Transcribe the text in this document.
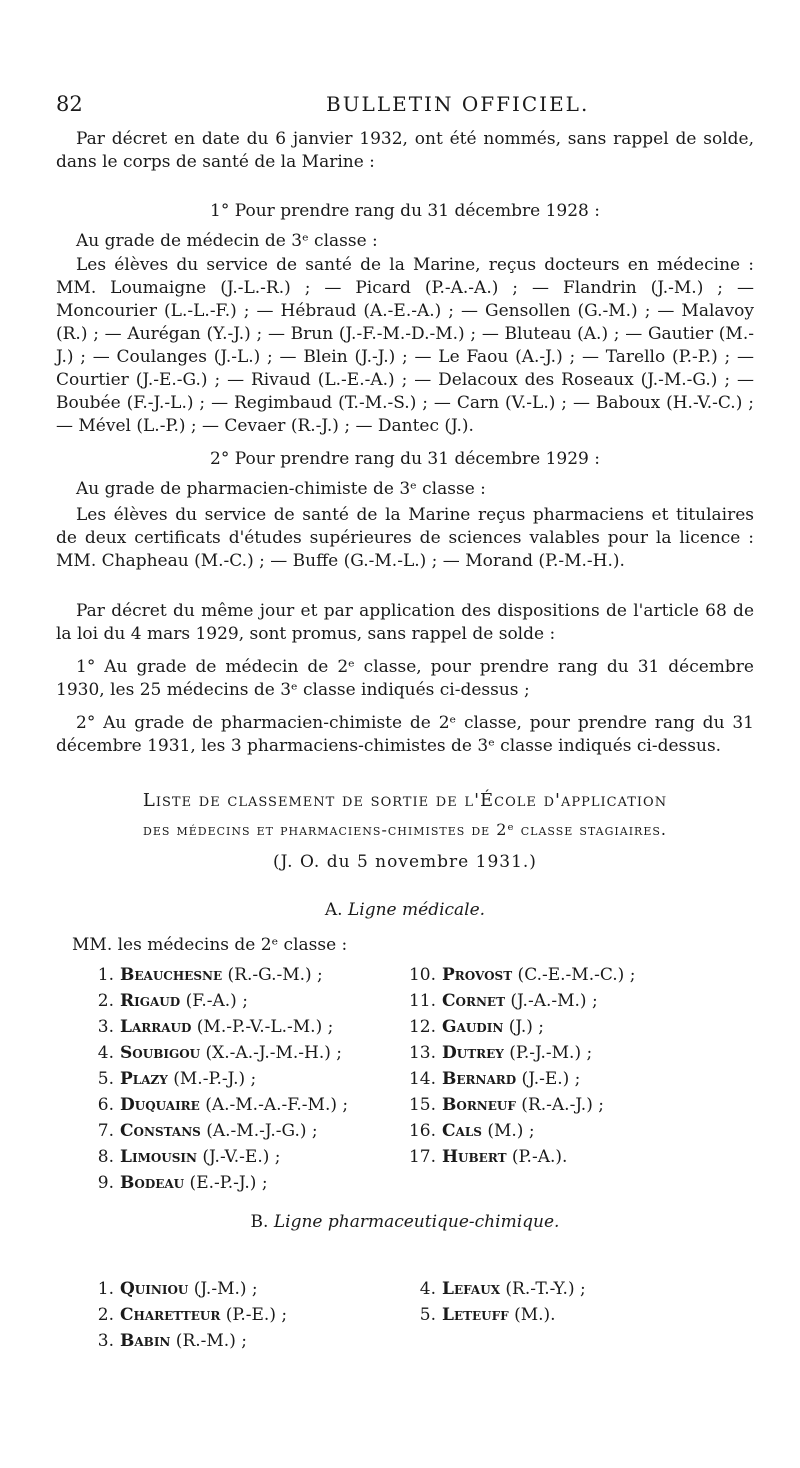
82	BULLETIN OFFICIEL.

Par décret en date du 6 janvier 1932, ont été nommés, sans rappel de solde, dans le corps de santé de la Marine :

1° Pour prendre rang du 31 décembre 1928 :

Au grade de médecin de 3ᵉ classe :

Les élèves du service de santé de la Marine, reçus docteurs en médecine : MM. Loumaigne (J.-L.-R.) ; — Picard (P.-A.-A.) ; — Flandrin (J.-M.) ; — Moncourier (L.-L.-F.) ; — Hébraud (A.-E.-A.) ; — Gensollen (G.-M.) ; — Malavoy (R.) ; — Aurégan (Y.-J.) ; — Brun (J.-F.-M.-D.-M.) ; — Bluteau (A.) ; — Gautier (M.-J.) ; — Coulanges (J.-L.) ; — Blein (J.-J.) ; — Le Faou (A.-J.) ; — Tarello (P.-P.) ; — Courtier (J.-E.-G.) ; — Rivaud (L.-E.-A.) ; — Delacoux des Roseaux (J.-M.-G.) ; — Boubée (F.-J.-L.) ; — Regimbaud (T.-M.-S.) ; — Carn (V.-L.) ; — Baboux (H.-V.-C.) ; — Mével (L.-P.) ; — Cevaer (R.-J.) ; — Dantec (J.).

2° Pour prendre rang du 31 décembre 1929 :

Au grade de pharmacien-chimiste de 3ᵉ classe :

Les élèves du service de santé de la Marine reçus pharmaciens et titulaires de deux certificats d'études supérieures de sciences valables pour la licence : MM. Chapheau (M.-C.) ; — Buffe (G.-M.-L.) ; — Morand (P.-M.-H.).

Par décret du même jour et par application des dispositions de l'article 68 de la loi du 4 mars 1929, sont promus, sans rappel de solde :

1° Au grade de médecin de 2ᵉ classe, pour prendre rang du 31 décembre 1930, les 25 médecins de 3ᵉ classe indiqués ci-dessus ;

2° Au grade de pharmacien-chimiste de 2ᵉ classe, pour prendre rang du 31 décembre 1931, les 3 pharmaciens-chimistes de 3ᵉ classe indiqués ci-dessus.

Liste de classement de sortie de l'École d'application
des médecins et pharmaciens-chimistes de 2ᵉ classe stagiaires.
(J. O. du 5 novembre 1931.)
A. Ligne médicale.
MM. les médecins de 2ᵉ classe :
1. Beauchesne (R.-G.-M.) ;
2. Rigaud (F.-A.) ;
3. Larraud (M.-P.-V.-L.-M.) ;
4. Soubigou (X.-A.-J.-M.-H.) ;
5. Plazy (M.-P.-J.) ;
6. Duquaire (A.-M.-A.-F.-M.) ;
7. Constans (A.-M.-J.-G.) ;
8. Limousin (J.-V.-E.) ;
9. Bodeau (E.-P.-J.) ;
10. Provost (C.-E.-M.-C.) ;
11. Cornet (J.-A.-M.) ;
12. Gaudin (J.) ;
13. Dutrey (P.-J.-M.) ;
14. Bernard (J.-E.) ;
15. Borneuf (R.-A.-J.) ;
16. Cals (M.) ;
17. Hubert (P.-A.).
B. Ligne pharmaceutique-chimique.
1. Quiniou (J.-M.) ;
2. Charetteur (P.-E.) ;
3. Babin (R.-M.) ;
4. Lefaux (R.-T.-Y.) ;
5. Leteuff (M.).
